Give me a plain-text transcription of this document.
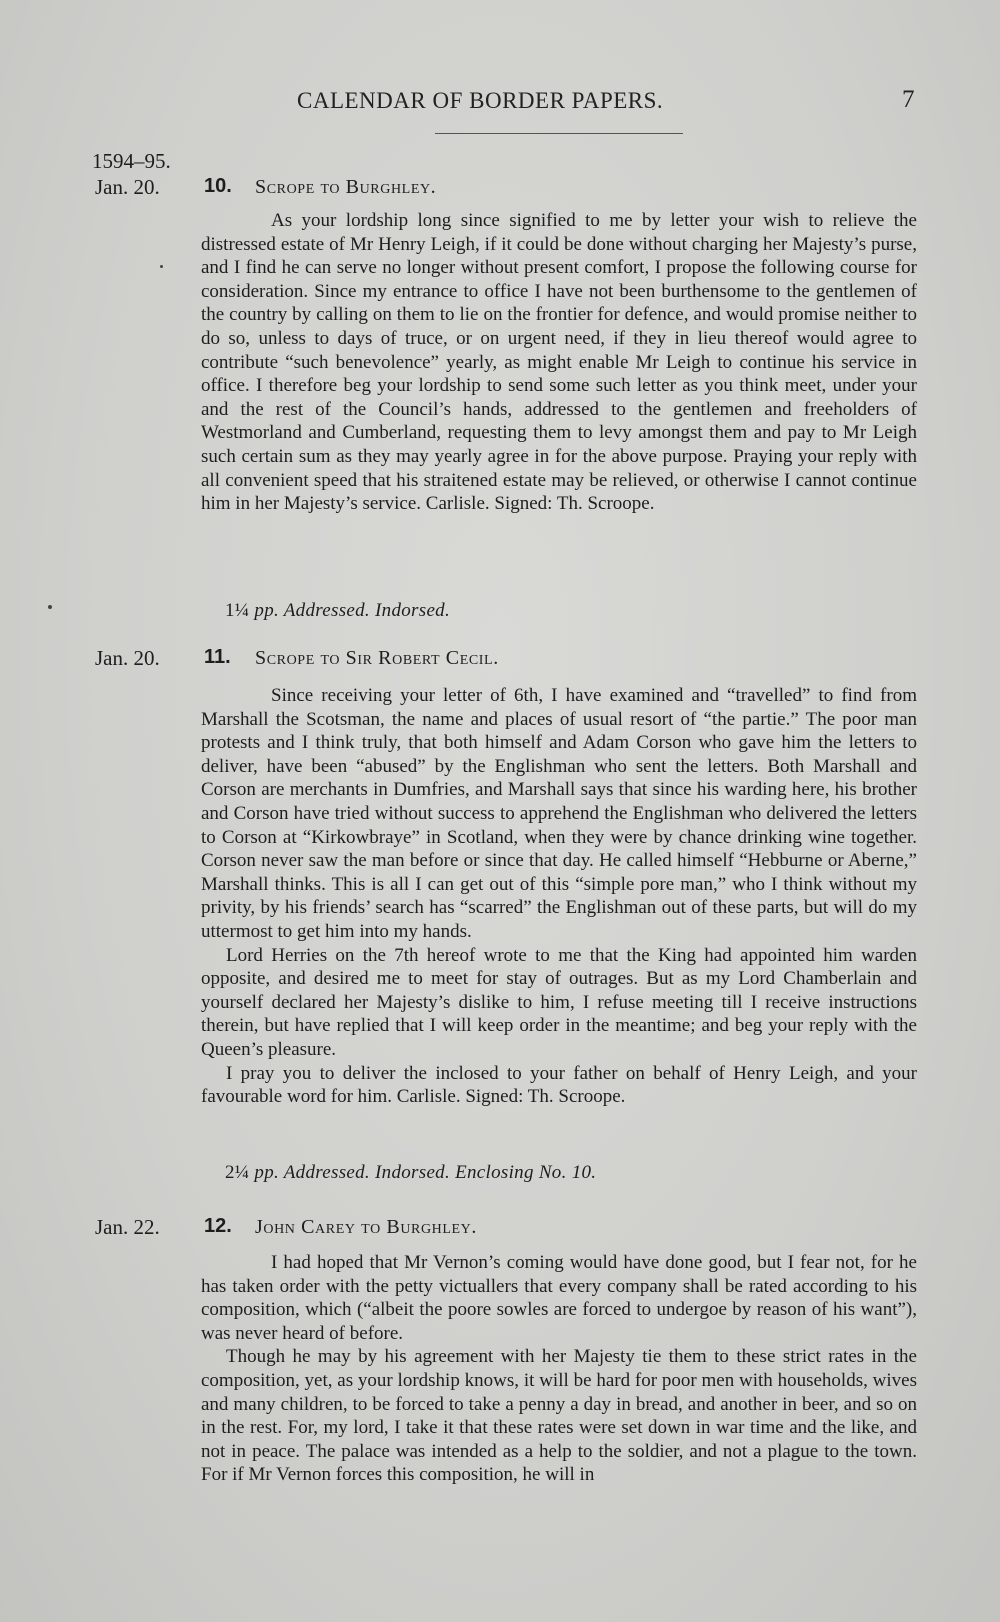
CALENDAR OF BORDER PAPERS.	7
1594–95.
Jan. 20. 10. Scrope to Burghley.

As your lordship long since signified to me by letter your wish to relieve the distressed estate of Mr Henry Leigh, if it could be done without charging her Majesty’s purse, and I find he can serve no longer without present comfort, I propose the following course for consideration. Since my entrance to office I have not been burthensome to the gentlemen of the country by calling on them to lie on the frontier for defence, and would promise neither to do so, unless to days of truce, or on urgent need, if they in lieu thereof would agree to contribute “such benevolence” yearly, as might enable Mr Leigh to continue his service in office. I therefore beg your lordship to send some such letter as you think meet, under your and the rest of the Council’s hands, addressed to the gentlemen and freeholders of Westmorland and Cumberland, requesting them to levy amongst them and pay to Mr Leigh such certain sum as they may yearly agree in for the above purpose. Praying your reply with all convenient speed that his straitened estate may be relieved, or otherwise I cannot continue him in her Majesty’s service. Carlisle. Signed: Th. Scroope.

1¼ pp. Addressed. Indorsed.
Jan. 20. 11. Scrope to Sir Robert Cecil.

Since receiving your letter of 6th, I have examined and “travelled” to find from Marshall the Scotsman, the name and places of usual resort of “the partie.” The poor man protests and I think truly, that both himself and Adam Corson who gave him the letters to deliver, have been “abused” by the Englishman who sent the letters. Both Marshall and Corson are merchants in Dumfries, and Marshall says that since his warding here, his brother and Corson have tried without success to apprehend the Englishman who delivered the letters to Corson at “Kirkowbraye” in Scotland, when they were by chance drinking wine together. Corson never saw the man before or since that day. He called himself “Hebburne or Aberne,” Marshall thinks. This is all I can get out of this “simple pore man,” who I think without my privity, by his friends’ search has “scarred” the Englishman out of these parts, but will do my uttermost to get him into my hands.

Lord Herries on the 7th hereof wrote to me that the King had appointed him warden opposite, and desired me to meet for stay of outrages. But as my Lord Chamberlain and yourself declared her Majesty’s dislike to him, I refuse meeting till I receive instructions therein, but have replied that I will keep order in the meantime; and beg your reply with the Queen’s pleasure.

I pray you to deliver the inclosed to your father on behalf of Henry Leigh, and your favourable word for him. Carlisle. Signed: Th. Scroope.

2¼ pp. Addressed. Indorsed. Enclosing No. 10.
Jan. 22. 12. John Carey to Burghley.

I had hoped that Mr Vernon’s coming would have done good, but I fear not, for he has taken order with the petty victuallers that every company shall be rated according to his composition, which (“albeit the poore sowles are forced to undergoe by reason of his want”), was never heard of before.

Though he may by his agreement with her Majesty tie them to these strict rates in the composition, yet, as your lordship knows, it will be hard for poor men with households, wives and many children, to be forced to take a penny a day in bread, and another in beer, and so on in the rest. For, my lord, I take it that these rates were set down in war time and the like, and not in peace. The palace was intended as a help to the soldier, and not a plague to the town. For if Mr Vernon forces this composition, he will in
